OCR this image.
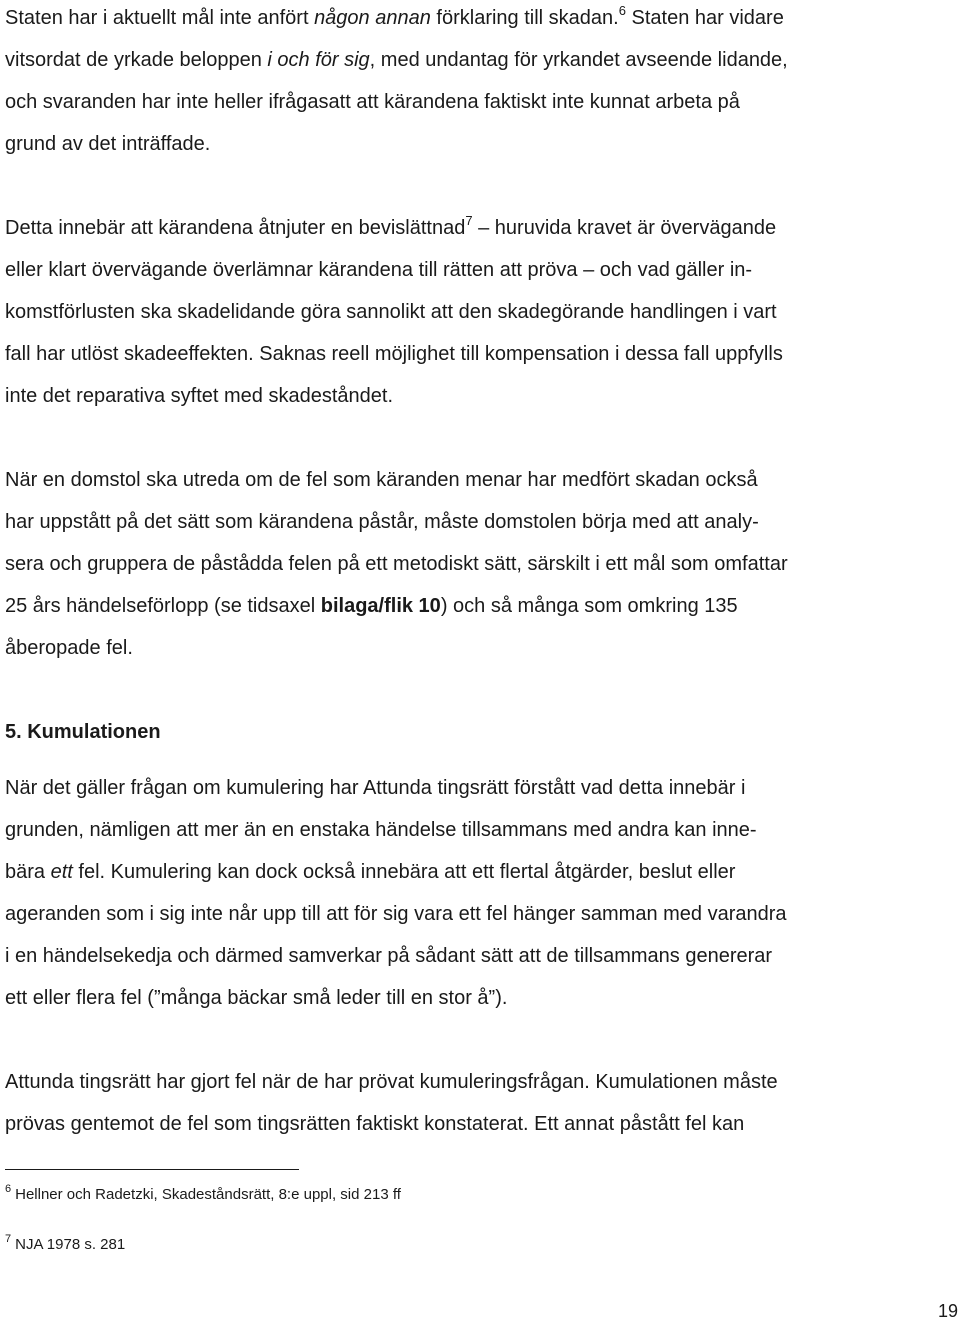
Staten har i aktuellt mål inte anfört någon annan förklaring till skadan.$^6$ Staten har vidare
vitsordat de yrkade beloppen i och för sig, med undantag för yrkandet avseende lidande,
och svaranden har inte heller ifrågasatt att kärandena faktiskt inte kunnat arbeta på
grund av det inträffade.
Detta innebär att kärandena åtnjuter en bevislättnad$^7$ – huruvida kravet är övervägande
eller klart övervägande överlämnar kärandena till rätten att pröva – och vad gäller in-
komstförlusten ska skadelidande göra sannolikt att den skadegörande handlingen i vart
fall har utlöst skadeeffekten. Saknas reell möjlighet till kompensation i dessa fall uppfylls
inte det reparativa syftet med skadeståndet.
När en domstol ska utreda om de fel som käranden menar har medfört skadan också
har uppstått på det sätt som kärandena påstår, måste domstolen börja med att analy-
sera och gruppera de påstådda felen på ett metodiskt sätt, särskilt i ett mål som omfattar
25 års händelseförlopp (se tidsaxel bilaga/flik 10) och så många som omkring 135
åberopade fel.
5. Kumulationen
När det gäller frågan om kumulering har Attunda tingsrätt förstått vad detta innebär i
grunden, nämligen att mer än en enstaka händelse tillsammans med andra kan inne-
bära ett fel. Kumulering kan dock också innebära att ett flertal åtgärder, beslut eller
ageranden som i sig inte når upp till att för sig vara ett fel hänger samman med varandra
i en händelsekedja och därmed samverkar på sådant sätt att de tillsammans genererar
ett eller flera fel (”många bäckar små leder till en stor å”).
Attunda tingsrätt har gjort fel när de har prövat kumuleringsfrågan. Kumulationen måste
prövas gentemot de fel som tingsrätten faktiskt konstaterat. Ett annat påstått fel kan
$^6$ Hellner och Radetzki, Skadeståndsrätt, 8:e uppl, sid 213 ff
$^7$ NJA 1978 s. 281
19
